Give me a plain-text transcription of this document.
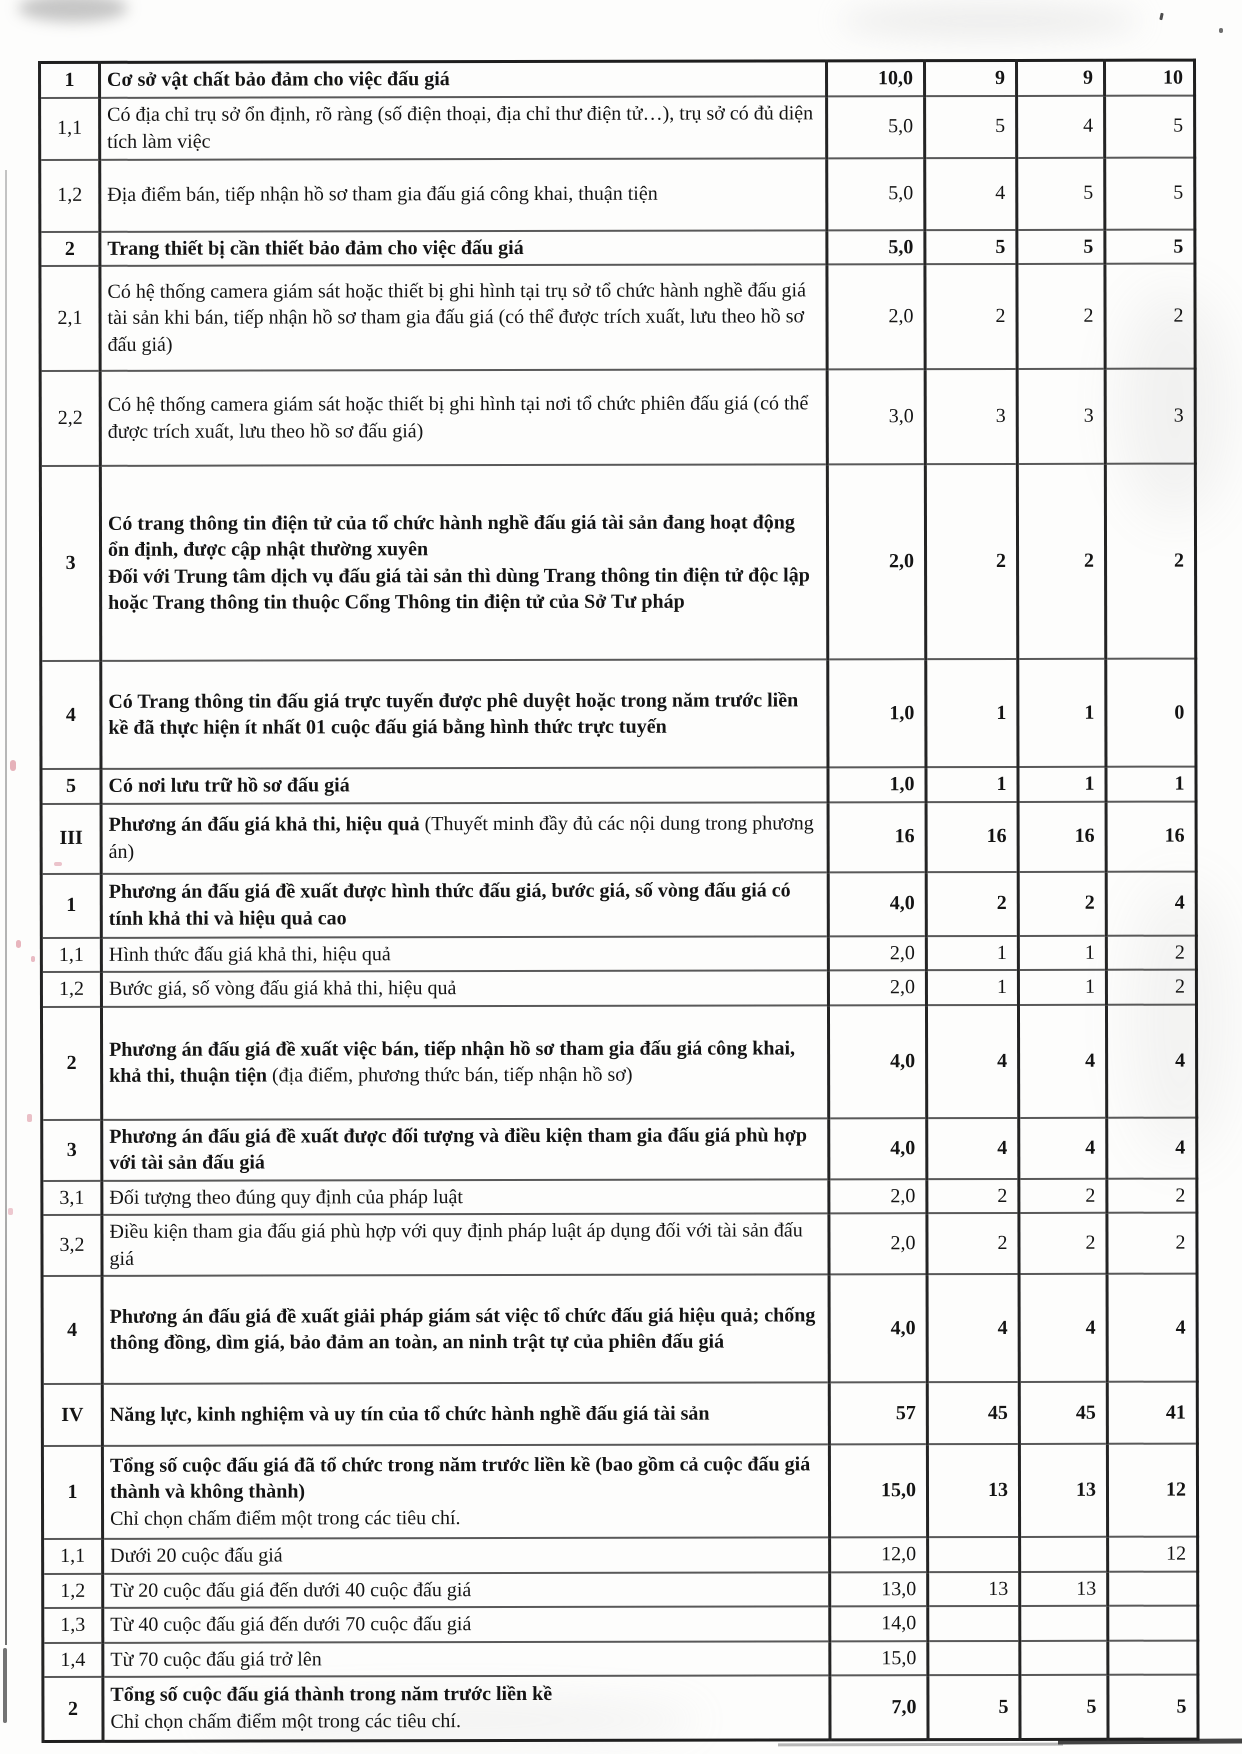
1	Cơ sở vật chất bảo đảm cho việc đấu giá	10,0	9	9	10
1,1	Có địa chỉ trụ sở ổn định, rõ ràng (số điện thoại, địa chỉ thư điện tử…), trụ sở có đủ diện tích làm việc	5,0	5	4	5
1,2	Địa điểm bán, tiếp nhận hồ sơ tham gia đấu giá công khai, thuận tiện	5,0	4	5	5
2	Trang thiết bị cần thiết bảo đảm cho việc đấu giá	5,0	5	5	5
2,1	Có hệ thống camera giám sát hoặc thiết bị ghi hình tại trụ sở tổ chức hành nghề đấu giá tài sản khi bán, tiếp nhận hồ sơ tham gia đấu giá (có thể được trích xuất, lưu theo hồ sơ đấu giá)	2,0	2	2	2
2,2	Có hệ thống camera giám sát hoặc thiết bị ghi hình tại nơi tổ chức phiên đấu giá (có thể được trích xuất, lưu theo hồ sơ đấu giá)	3,0	3	3	3
3	Có trang thông tin điện tử của tổ chức hành nghề đấu giá tài sản đang hoạt động ổn định, được cập nhật thường xuyên
Đối với Trung tâm dịch vụ đấu giá tài sản thì dùng Trang thông tin điện tử độc lập hoặc Trang thông tin thuộc Cổng Thông tin điện tử của Sở Tư pháp	2,0	2	2	2
4	Có Trang thông tin đấu giá trực tuyến được phê duyệt hoặc trong năm trước liền kề đã thực hiện ít nhất 01 cuộc đấu giá bằng hình thức trực tuyến	1,0	1	1	0
5	Có nơi lưu trữ hồ sơ đấu giá	1,0	1	1	1
III	Phương án đấu giá khả thi, hiệu quả (Thuyết minh đầy đủ các nội dung trong phương án)	16	16	16	16
1	Phương án đấu giá đề xuất được hình thức đấu giá, bước giá, số vòng đấu giá có tính khả thi và hiệu quả cao	4,0	2	2	4
1,1	Hình thức đấu giá khả thi, hiệu quả	2,0	1	1	2
1,2	Bước giá, số vòng đấu giá khả thi, hiệu quả	2,0	1	1	2
2	Phương án đấu giá đề xuất việc bán, tiếp nhận hồ sơ tham gia đấu giá công khai, khả thi, thuận tiện (địa điểm, phương thức bán, tiếp nhận hồ sơ)	4,0	4	4	4
3	Phương án đấu giá đề xuất được đối tượng và điều kiện tham gia đấu giá phù hợp với tài sản đấu giá	4,0	4	4	4
3,1	Đối tượng theo đúng quy định của pháp luật	2,0	2	2	2
3,2	Điều kiện tham gia đấu giá phù hợp với quy định pháp luật áp dụng đối với tài sản đấu giá	2,0	2	2	2
4	Phương án đấu giá đề xuất giải pháp giám sát việc tổ chức đấu giá hiệu quả; chống thông đồng, dìm giá, bảo đảm an toàn, an ninh trật tự của phiên đấu giá	4,0	4	4	4
IV	Năng lực, kinh nghiệm và uy tín của tổ chức hành nghề đấu giá tài sản	57	45	45	41
1	Tổng số cuộc đấu giá đã tổ chức trong năm trước liền kề (bao gồm cả cuộc đấu giá thành và không thành)
Chỉ chọn chấm điểm một trong các tiêu chí.	15,0	13	13	12
1,1	Dưới 20 cuộc đấu giá	12,0			12
1,2	Từ 20 cuộc đấu giá đến dưới 40 cuộc đấu giá	13,0	13	13	
1,3	Từ 40 cuộc đấu giá đến dưới 70 cuộc đấu giá	14,0			
1,4	Từ 70 cuộc đấu giá trở lên	15,0			
2	Tổng số cuộc đấu giá thành trong năm trước liền kề
Chỉ chọn chấm điểm một trong các tiêu chí.	7,0	5	5	5
